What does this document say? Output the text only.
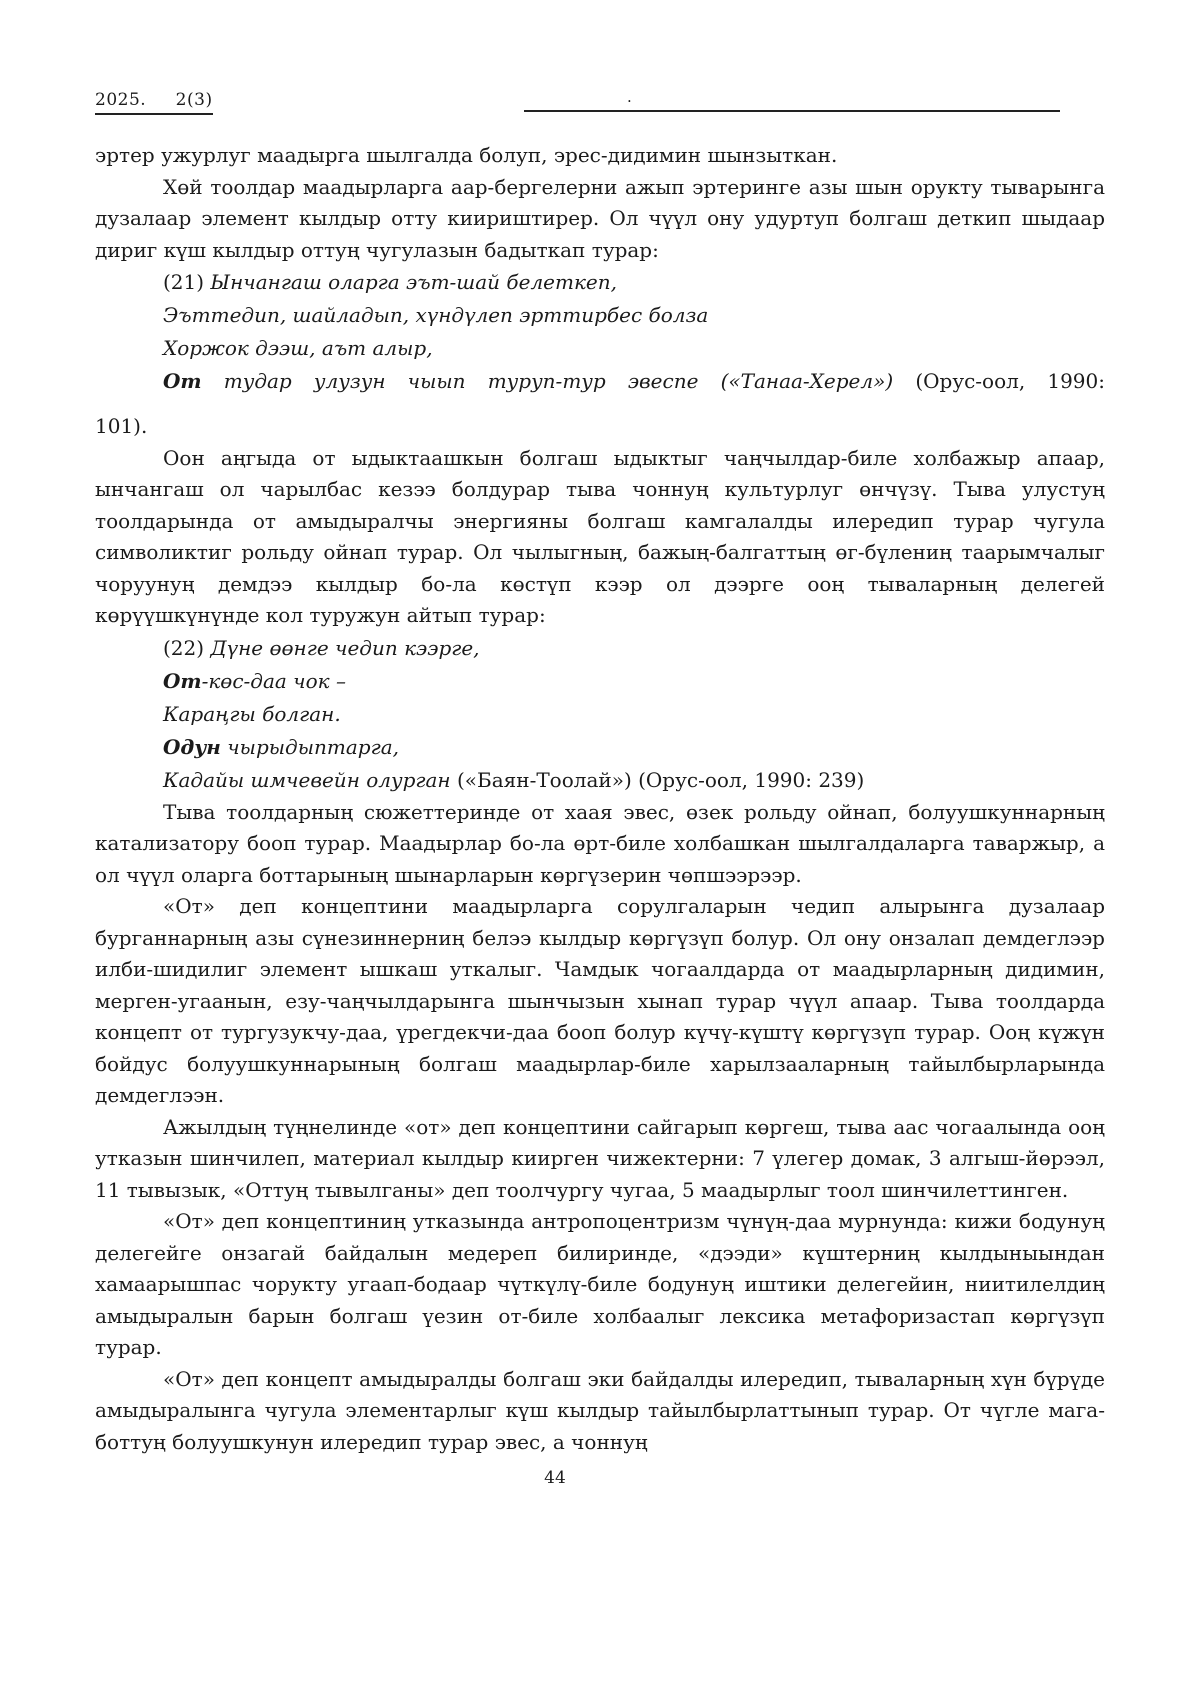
2025.     2(3)	.
эртер ужурлуг маадырга шылгалда болуп, эрес-дидимин шынзыткан.
Хөй тоолдар маадырларга аар-бергелерни ажып эртеринге азы шын орукту тыварынга дузалаар элемент кылдыр отту киириштирер. Ол чүүл ону удуртуп болгаш деткип шыдаар дириг күш кылдыр оттуң чугулазын бадыткап турар:
(21) Ынчангаш оларга эът-шай белеткеп,
Эъттедип, шайладып, хүндүлеп эрттирбес болза
Хоржок дээш, аът алыр,
От тудар улузун чыып туруп-тур эвеспе («Танаа-Херел») (Орус-оол, 1990:
101).
Оон аңгыда от ыдыктаашкын болгаш ыдыктыг чаңчылдар-биле холбажыр апаар, ынчангаш ол чарылбас кезээ болдурар тыва чоннуң культурлуг өнчүзү. Тыва улустуң тоолдарында от амыдыралчы энергияны болгаш камгалалды илередип турар чугула символиктиг рольду ойнап турар. Ол чылыгның, бажың-балгаттың өг-бүлениң таарымчалыг чоруунуң демдээ кылдыр бо-ла көстүп кээр ол дээрге ооң тываларның делегей көрүүшкүнүнде кол туружун айтып турар:
(22) Дүне өөнге чедип кээрге,
От-көс-даа чок –
Караңгы болган.
Одун чырыдыптарга,
Кадайы шмчевейн олурган («Баян-Тоолай») (Орус-оол, 1990: 239)
Тыва тоолдарның сюжеттеринде от хаая эвес, өзек рольду ойнап, болуушкуннарның катализатору бооп турар. Маадырлар бо-ла өрт-биле холбашкан шылгалдаларга таваржыр, а ол чүүл оларга боттарының шынарларын көргүзерин чөпшээрээр.
«От» деп концептини маадырларга сорулгаларын чедип алырынга дузалаар бурганнарның азы сүнезиннерниң белээ кылдыр көргүзүп болур. Ол ону онзалап демдеглээр илби-шидилиг элемент ышкаш уткалыг. Чамдык чогаалдарда от маадырларның дидимин, мерген-угаанын, езу-чаңчылдарынга шынчызын хынап турар чүүл апаар. Тыва тоолдарда концепт от тургузукчу-даа, үрегдекчи-даа бооп болур күчү-күштү көргүзүп турар. Ооң күжүн бойдус болуушкуннарының болгаш маадырлар-биле харылзааларның тайылбырларында демдеглээн.
Ажылдың түңнелинде «от» деп концептини сайгарып көргеш, тыва аас чогаалында ооң утказын шинчилеп, материал кылдыр киирген чижектерни: 7 үлегер домак, 3 алгыш-йөрээл, 11 тывызык, «Оттуң тывылганы» деп тоолчургу чугаа, 5 маадырлыг тоол шинчилеттинген.
«От» деп концептиниң утказында антропоцентризм чүнүң-даа мурнунда: кижи бодунуң делегейге онзагай байдалын медереп билиринде, «дээди» күштерниң кылдыныындан хамаарышпас чорукту угаап-бодаар чүткүлү-биле бодунуң иштики делегейин, ниитилелдиң амыдыралын барын болгаш үезин от-биле холбаалыг лексика метафоризастап көргүзүп турар.
«От» деп концепт амыдыралды болгаш эки байдалды илередип, тываларның хүн бүрүде амыдыралынга чугула элементарлыг күш кылдыр тайылбырлаттынып турар. От чүгле мага-боттуң болуушкунун илередип турар эвес, а чоннуң
44
